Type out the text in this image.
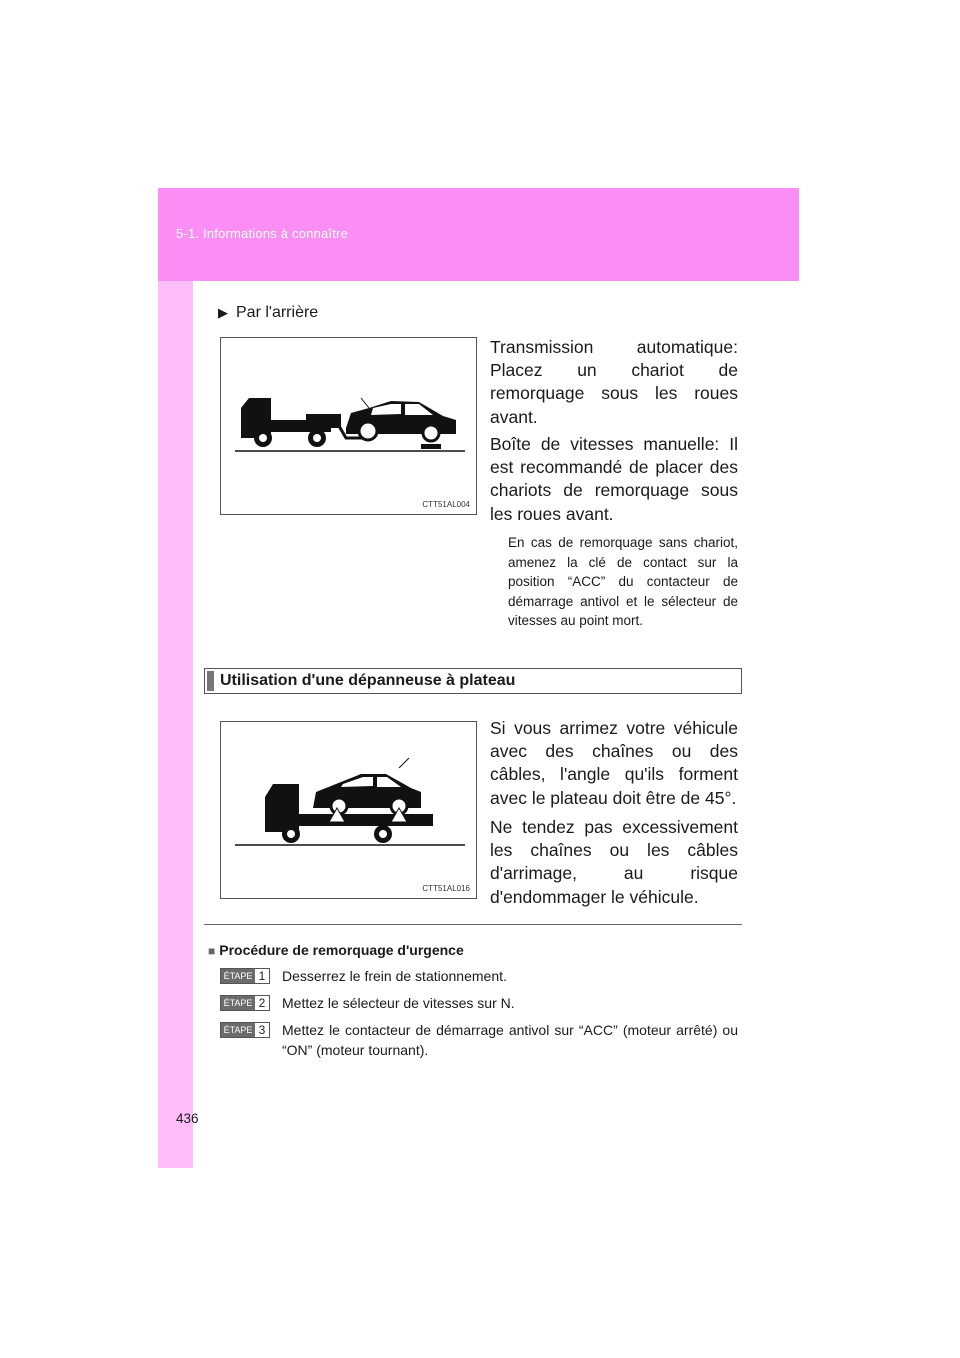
5-1. Informations à connaître
▶ Par l'arrière
CTT51AL004

Transmission automatique: Placez un chariot de remorquage sous les roues avant.

Boîte de vitesses manuelle: Il est recommandé de placer des chariots de remorquage sous les roues avant.

En cas de remorquage sans chariot, amenez la clé de contact sur la position “ACC” du contacteur de démarrage antivol et le sélecteur de vitesses au point mort.

Utilisation d'une dépanneuse à plateau
CTT51AL016

Si vous arrimez votre véhicule avec des chaînes ou des câbles, l'angle qu'ils forment avec le plateau doit être de 45°.

Ne tendez pas excessivement les chaînes ou les câbles d'arrimage, au risque d'endommager le véhicule.

■ Procédure de remorquage d'urgence
ÉTAPE 1 Desserrez le frein de stationnement.
ÉTAPE 2 Mettez le sélecteur de vitesses sur N.
ÉTAPE 3 Mettez le contacteur de démarrage antivol sur “ACC” (moteur arrêté) ou “ON” (moteur tournant).
436
